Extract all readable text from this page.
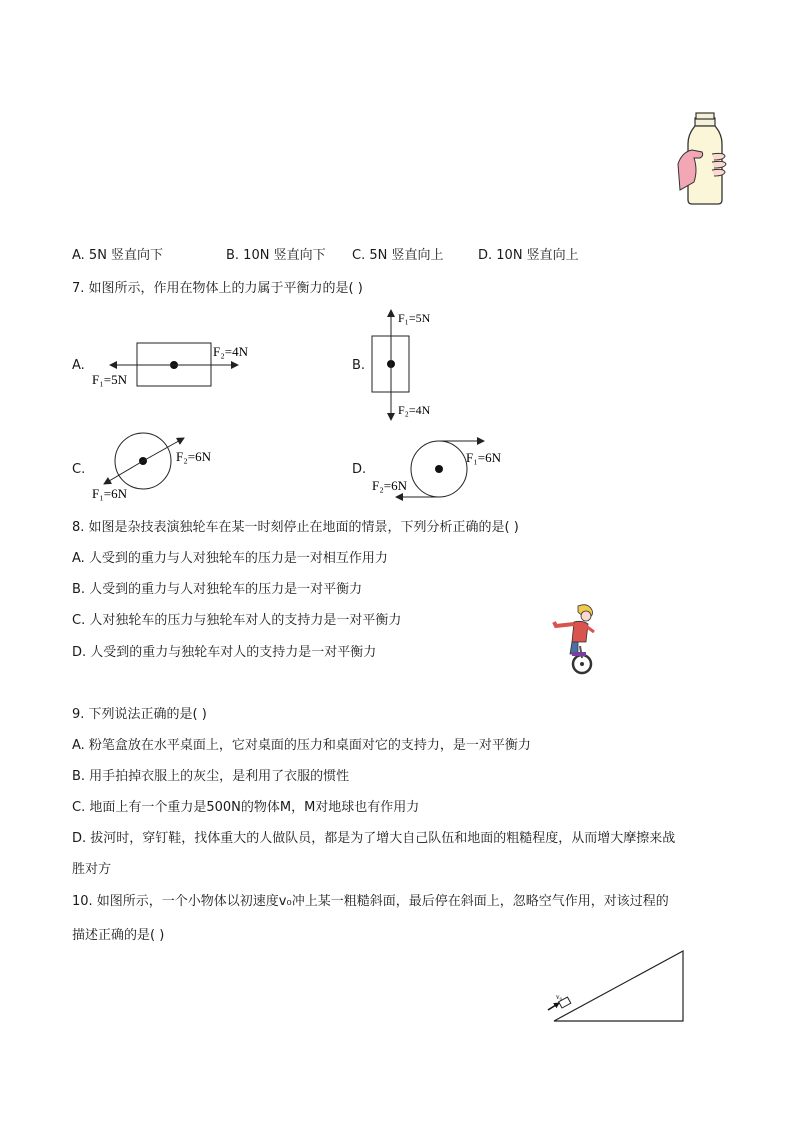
A. 5N 竖直向下	B. 10N 竖直向下 C. 5N 竖直向上	D. 10N 竖直向上
7. 如图所示，作用在物体上的力属于平衡力的是( )
A.
F₁=5N
F₂=4N
B.
F₁=5N
F₂=4N
C.
F₂=6N
F₁=6N
D.
F₁=6N
F₂=6N
8. 如图是杂技表演独轮车在某一时刻停止在地面的情景，下列分析正确的是( )
A. 人受到的重力与人对独轮车的压力是一对相互作用力
B. 人受到的重力与人对独轮车的压力是一对平衡力
C. 人对独轮车的压力与独轮车对人的支持力是一对平衡力
D. 人受到的重力与独轮车对人的支持力是一对平衡力
9. 下列说法正确的是( )
A. 粉笔盒放在水平桌面上，它对桌面的压力和桌面对它的支持力，是一对平衡力
B. 用手拍掉衣服上的灰尘，是利用了衣服的惯性
C. 地面上有一个重力是500N的物体M，M对地球也有作用力
D. 拔河时，穿钉鞋，找体重大的人做队员，都是为了增大自己队伍和地面的粗糙程度，从而增大摩擦来战
胜对方
10. 如图所示，一个小物体以初速度v₀冲上某一粗糙斜面，最后停在斜面上，忽略空气作用，对该过程的
描述正确的是( )
v₀
